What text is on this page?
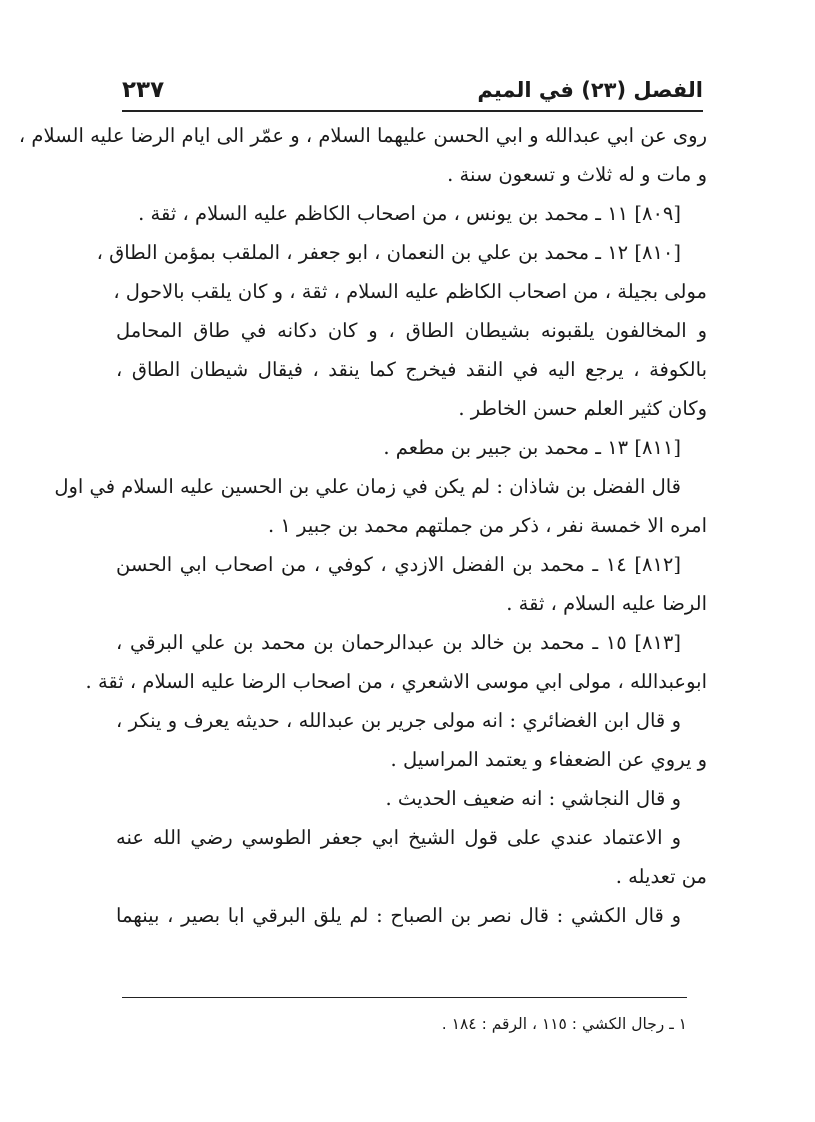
الفصل (٢٣) في الميم
٢٣٧
روى عن ابي عبدالله و ابي الحسن عليهما السلام ، و عمّر الى ايام الرضا عليه السلام ،
و مات و له ثلاث و تسعون سنة .
[٨٠٩] ١١ ـ محمد بن يونس ، من اصحاب الكاظم عليه السلام ، ثقة .
[٨١٠] ١٢ ـ محمد بن علي بن النعمان ، ابو جعفر ، الملقب بمؤمن الطاق ،
مولى بجيلة ، من اصحاب الكاظم عليه السلام ، ثقة ، و كان يلقب بالاحول ،
و المخالفون يلقبونه بشيطان الطاق ، و كان دكانه في طاق المحامل
بالكوفة ، يرجع اليه في النقد فيخرج كما ينقد ، فيقال شيطان الطاق ،
وكان كثير العلم حسن الخاطر .
[٨١١] ١٣ ـ محمد بن جبير بن مطعم .
قال الفضل بن شاذان : لم يكن في زمان علي بن الحسين عليه السلام في اول
امره الا خمسة نفر ، ذكر من جملتهم محمد بن جبير ١ .
[٨١٢] ١٤ ـ محمد بن الفضل الازدي ، كوفي ، من اصحاب ابي الحسن
الرضا عليه السلام ، ثقة .
[٨١٣] ١٥ ـ محمد بن خالد بن عبدالرحمان بن محمد بن علي البرقي ،
ابوعبدالله ، مولى ابي موسى الاشعري ، من اصحاب الرضا عليه السلام ، ثقة .
و قال ابن الغضائري : انه مولى جرير بن عبدالله ، حديثه يعرف و ينكر ،
و يروي عن الضعفاء و يعتمد المراسيل .
و قال النجاشي : انه ضعيف الحديث .
و الاعتماد عندي على قول الشيخ ابي جعفر الطوسي رضي الله عنه
من تعديله .
و قال الكشي : قال نصر بن الصباح : لم يلق البرقي ابا بصير ، بينهما
١ ـ رجال الكشي : ١١٥ ، الرقم : ١٨٤ .
